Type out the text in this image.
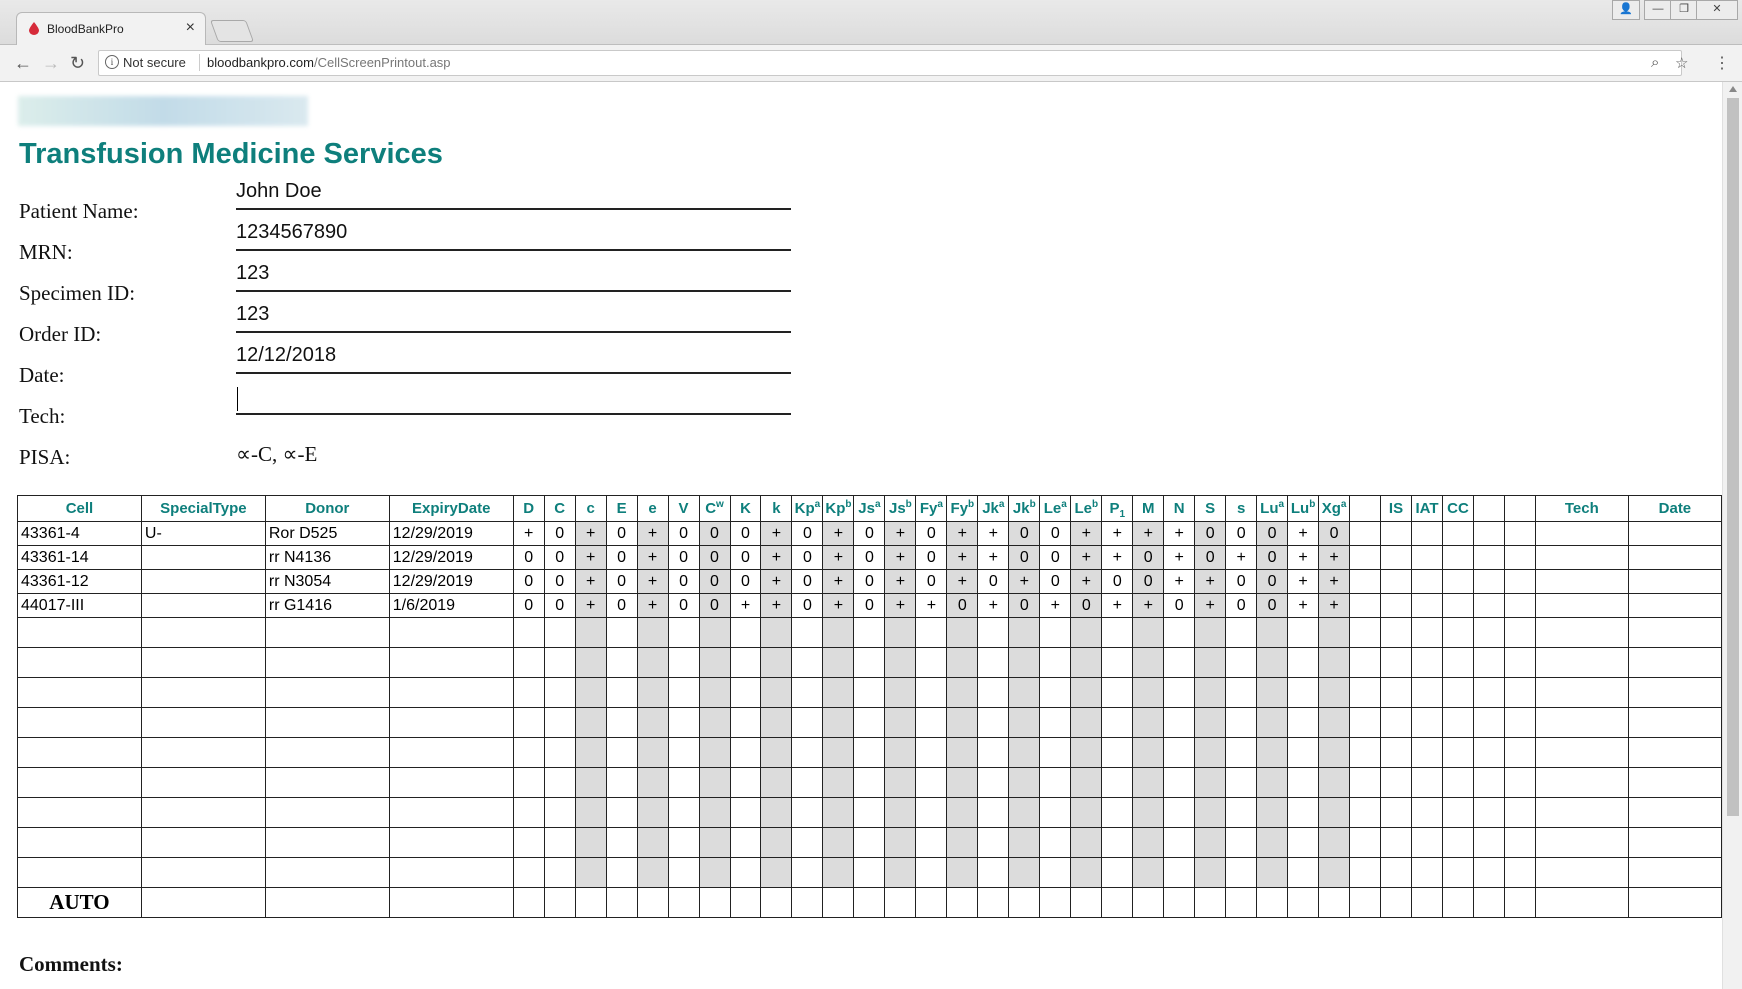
BloodBankPro	×
👤	—	❐	✕
← → ↻	i Not secure bloodbankpro.com/CellScreenPrintout.asp	⌕ ☆ ⋮
Transfusion Medicine Services
Patient Name:
John Doe
MRN:
1234567890
Specimen ID:
123
Order ID:
123
Date:
12/12/2018
Tech:
PISA:	∝-C, ∝-E
Cell	SpecialType	Donor	ExpiryDate	D	C	c	E	e	V	$C^w$	K	k	Kp$^a$	Kp$^b$	Js$^a$	Js$^b$	Fy$^a$	Fy$^b$	Jk$^a$	Jk$^b$	Le$^a$	Le$^b$	$P_1$	M	N	S	s	Lu$^a$	Lu$^b$	Xg$^a$		IS	IAT	CC			Tech	Date
43361-4	U-	Ror D525	12/29/2019	+	0	+	0	+	0	0	0	+	0	+	0	+	0	+	+	0	0	+	+	+	+	0	0	0	+	0								
43361-14		rr N4136	12/29/2019	0	0	+	0	+	0	0	0	+	0	+	0	+	0	+	+	0	0	+	+	0	+	0	+	0	+	+								
43361-12		rr N3054	12/29/2019	0	0	+	0	+	0	0	0	+	0	+	0	+	0	+	0	+	0	+	0	0	+	+	0	0	+	+								
44017-III		rr G1416	1/6/2019	0	0	+	0	+	0	0	+	+	0	+	0	+	+	0	+	0	+	0	+	+	0	+	0	0	+	+								

AUTO																																						
Comments:
